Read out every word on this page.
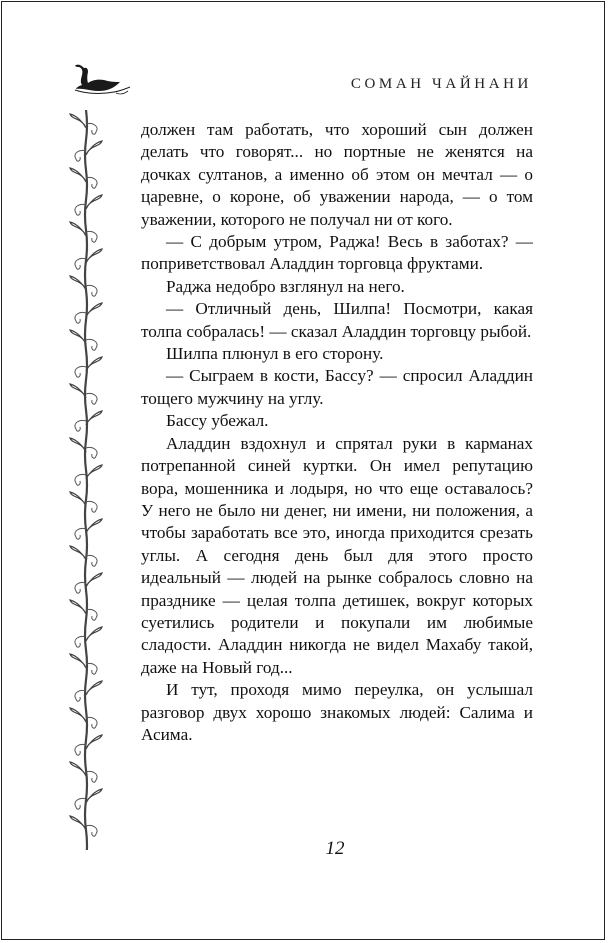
СОМАН ЧАЙНАНИ

должен там работать, что хороший сын должен делать что говорят... но портные не женятся на дочках султанов, а именно об этом он мечтал — о царевне, о короне, об уважении народа, — о том уважении, которого не получал ни от кого.

— С добрым утром, Раджа! Весь в заботах? — поприветствовал Аладдин торговца фруктами.

Раджа недобро взглянул на него.

— Отличный день, Шилпа! Посмотри, какая толпа собралась! — сказал Аладдин торговцу рыбой.

Шилпа плюнул в его сторону.

— Сыграем в кости, Бассу? — спросил Аладдин тощего мужчину на углу.

Бассу убежал.

Аладдин вздохнул и спрятал руки в карманах потрепанной синей куртки. Он имел репутацию вора, мошенника и лодыря, но что еще оставалось? У него не было ни денег, ни имени, ни положения, а чтобы заработать все это, иногда приходится срезать углы. А сегодня день был для этого просто идеальный — людей на рынке собралось словно на празднике — целая толпа детишек, вокруг которых суетились родители и покупали им любимые сладости. Аладдин никогда не видел Махабу такой, даже на Новый год...

И тут, проходя мимо переулка, он услышал разговор двух хорошо знакомых людей: Салима и Асима.

12
